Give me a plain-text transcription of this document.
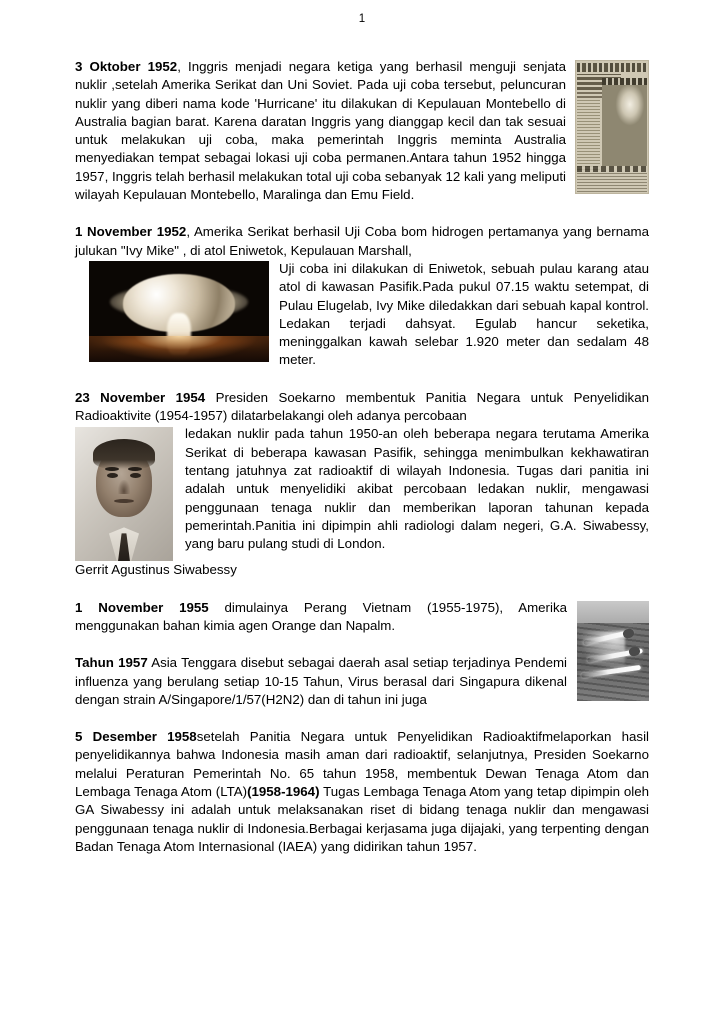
1

3 Oktober 1952, Inggris menjadi negara ketiga yang berhasil menguji senjata nuklir ,setelah Amerika Serikat dan Uni Soviet. Pada uji coba tersebut, peluncuran nuklir yang diberi nama kode 'Hurricane' itu dilakukan di Kepulauan Montebello di Australia bagian barat. Karena daratan Inggris yang dianggap kecil dan tak sesuai untuk melakukan uji coba, maka pemerintah Inggris meminta Australia menyediakan tempat sebagai lokasi uji coba permanen.Antara tahun 1952 hingga 1957, Inggris telah berhasil melakukan total uji coba sebanyak 12 kali yang meliputi wilayah Kepulauan Montebello, Maralinga dan Emu Field.

1 November 1952, Amerika Serikat berhasil Uji Coba bom hidrogen pertamanya yang bernama julukan "Ivy Mike" , di atol Eniwetok, Kepulauan Marshall,

Uji coba ini dilakukan di Eniwetok, sebuah pulau karang atau atol di kawasan Pasifik.Pada pukul 07.15 waktu setempat, di Pulau Elugelab, Ivy Mike diledakkan dari sebuah kapal kontrol. Ledakan terjadi dahsyat. Egulab hancur seketika, meninggalkan kawah selebar 1.920 meter dan sedalam 48 meter.

23 November 1954 Presiden Soekarno membentuk Panitia Negara untuk Penyelidikan Radioaktivite (1954-1957) dilatarbelakangi oleh adanya percobaan

ledakan nuklir pada tahun 1950-an oleh beberapa negara terutama Amerika Serikat di beberapa kawasan Pasifik, sehingga menimbulkan kekhawatiran tentang jatuhnya zat radioaktif di wilayah Indonesia. Tugas dari panitia ini adalah untuk menyelidiki akibat percobaan ledakan nuklir, mengawasi penggunaan tenaga nuklir dan memberikan laporan tahunan kepada pemerintah.Panitia ini dipimpin ahli radiologi dalam negeri, G.A. Siwabessy, yang baru pulang studi di London.

Gerrit Agustinus Siwabessy

1 November 1955 dimulainya Perang Vietnam (1955-1975), Amerika menggunakan bahan kimia agen Orange dan Napalm.

Tahun 1957 Asia Tenggara disebut sebagai daerah asal setiap terjadinya Pendemi influenza yang berulang setiap 10-15 Tahun, Virus berasal dari Singapura dikenal dengan strain A/Singapore/1/57(H2N2) dan di tahun ini juga

5 Desember 1958setelah Panitia Negara untuk Penyelidikan Radioaktifmelaporkan hasil penyelidikannya bahwa Indonesia masih aman dari radioaktif, selanjutnya, Presiden Soekarno melalui Peraturan Pemerintah No. 65 tahun 1958, membentuk Dewan Tenaga Atom dan Lembaga Tenaga Atom (LTA)(1958-1964) Tugas Lembaga Tenaga Atom yang tetap dipimpin oleh GA Siwabessy ini adalah untuk melaksanakan riset di bidang tenaga nuklir dan mengawasi penggunaan tenaga nuklir di Indonesia.Berbagai kerjasama juga dijajaki, yang terpenting dengan Badan Tenaga Atom Internasional (IAEA) yang didirikan tahun 1957.
